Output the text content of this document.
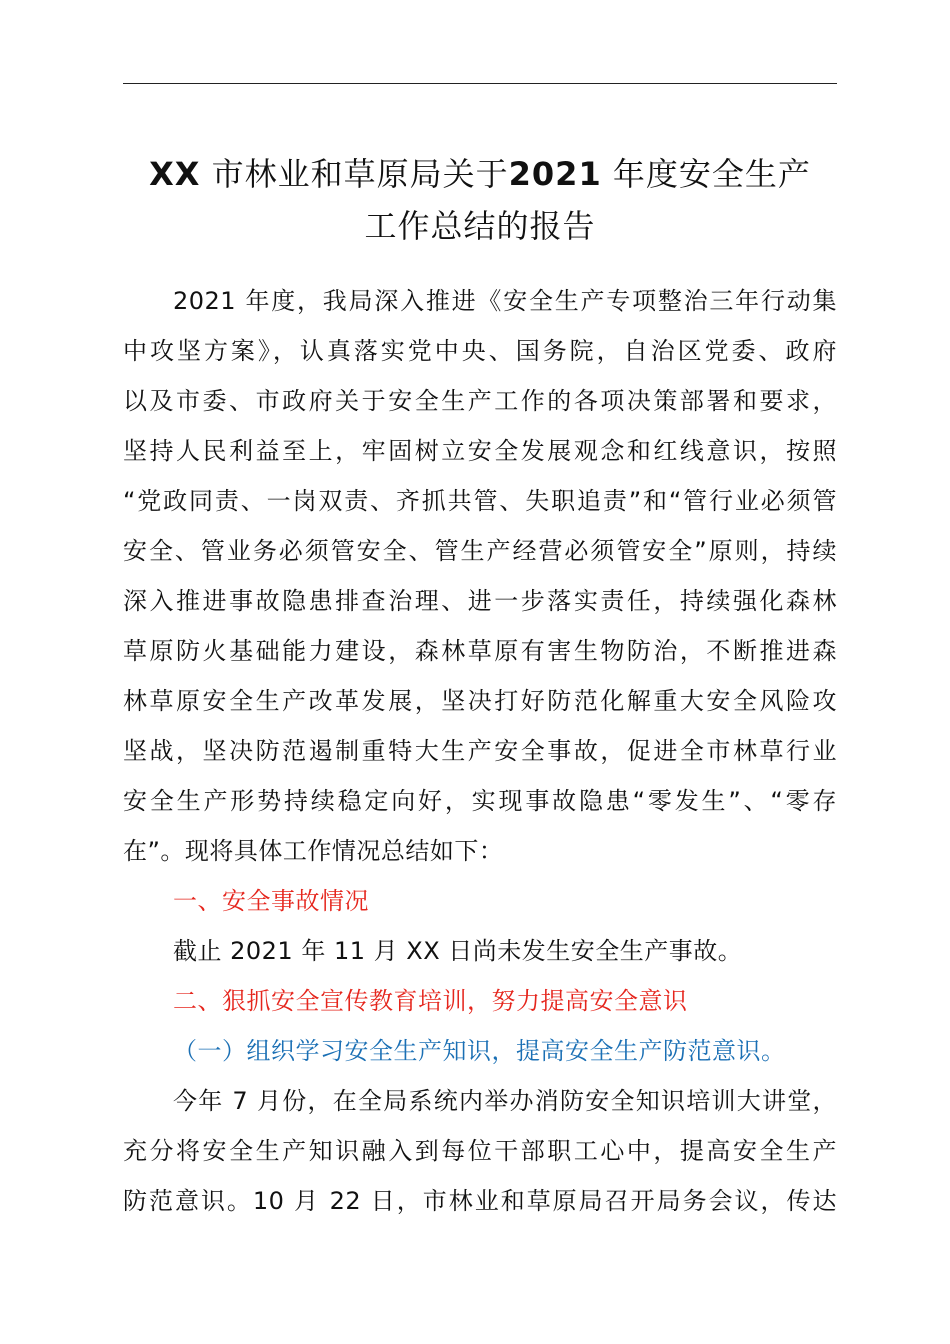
XX 市林业和草原局关于2021 年度安全生产
工作总结的报告
2021 年度，我局深入推进《安全生产专项整治三年行动集
中攻坚方案》，认真落实党中央、国务院，自治区党委、政府
以及市委、市政府关于安全生产工作的各项决策部署和要求，
坚持人民利益至上，牢固树立安全发展观念和红线意识，按照
“党政同责、一岗双责、齐抓共管、失职追责”和“管行业必须管
安全、管业务必须管安全、管生产经营必须管安全”原则，持续
深入推进事故隐患排查治理、进一步落实责任，持续强化森林
草原防火基础能力建设，森林草原有害生物防治，不断推进森
林草原安全生产改革发展，坚决打好防范化解重大安全风险攻
坚战，坚决防范遏制重特大生产安全事故，促进全市林草行业
安全生产形势持续稳定向好，实现事故隐患“零发生”、“零存
在”。现将具体工作情况总结如下：

一、安全事故情况

截止 2021 年 11 月 XX 日尚未发生安全生产事故。

二、狠抓安全宣传教育培训，努力提高安全意识

（一）组织学习安全生产知识，提高安全生产防范意识。

今年 7 月份，在全局系统内举办消防安全知识培训大讲堂，
充分将安全生产知识融入到每位干部职工心中，提高安全生产
防范意识。10 月 22 日，市林业和草原局召开局务会议，传达
